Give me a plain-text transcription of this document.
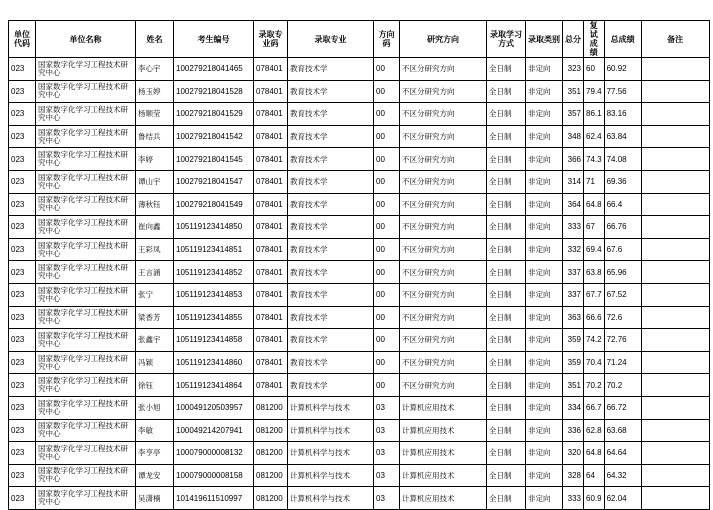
单位代码	单位名称	姓名	考生编号	录取专业码	录取专业	方向码	研究方向	录取学习方式	录取类别	总分	复试成绩	总成绩	备注
023	国家数字化学习工程技术研究中心	李心宇	100279218041465	078401	教育技术学	00	不区分研究方向	全日制	非定向	323	60	60.92	
023	国家数字化学习工程技术研究中心	杨玉婷	100279218041528	078401	教育技术学	00	不区分研究方向	全日制	非定向	351	79.4	77.56	
023	国家数字化学习工程技术研究中心	杨顺莹	100279218041529	078401	教育技术学	00	不区分研究方向	全日制	非定向	357	86.1	83.16	
023	国家数字化学习工程技术研究中心	鲁结兵	100279218041542	078401	教育技术学	00	不区分研究方向	全日制	非定向	348	62.4	63.84	
023	国家数字化学习工程技术研究中心	李婷	100279218041545	078401	教育技术学	00	不区分研究方向	全日制	非定向	366	74.3	74.08	
023	国家数字化学习工程技术研究中心	谭山宇	100279218041547	078401	教育技术学	00	不区分研究方向	全日制	非定向	314	71	69.36	
023	国家数字化学习工程技术研究中心	薄秋钰	100279218041549	078401	教育技术学	00	不区分研究方向	全日制	非定向	364	64.8	66.4	
023	国家数字化学习工程技术研究中心	崔向鑫	105119123414850	078401	教育技术学	00	不区分研究方向	全日制	非定向	333	67	66.76	
023	国家数字化学习工程技术研究中心	王彩凤	105119123414851	078401	教育技术学	00	不区分研究方向	全日制	非定向	332	69.4	67.6	
023	国家数字化学习工程技术研究中心	王言涵	105119123414852	078401	教育技术学	00	不区分研究方向	全日制	非定向	337	63.8	65.96	
023	国家数字化学习工程技术研究中心	张宁	105119123414853	078401	教育技术学	00	不区分研究方向	全日制	非定向	337	67.7	67.52	
023	国家数字化学习工程技术研究中心	梁香芳	105119123414855	078401	教育技术学	00	不区分研究方向	全日制	非定向	363	66.6	72.6	
023	国家数字化学习工程技术研究中心	张鑫宇	105119123414858	078401	教育技术学	00	不区分研究方向	全日制	非定向	359	74.2	72.76	
023	国家数字化学习工程技术研究中心	冯颖	105119123414860	078401	教育技术学	00	不区分研究方向	全日制	非定向	359	70.4	71.24	
023	国家数字化学习工程技术研究中心	徐钰	105119123414864	078401	教育技术学	00	不区分研究方向	全日制	非定向	351	70.2	70.2	
023	国家数字化学习工程技术研究中心	张小旭	100049120503957	081200	计算机科学与技术	03	计算机应用技术	全日制	非定向	334	66.7	66.72	
023	国家数字化学习工程技术研究中心	李敏	100049214207941	081200	计算机科学与技术	03	计算机应用技术	全日制	非定向	336	62.8	63.68	
023	国家数字化学习工程技术研究中心	李亨亭	100079000008132	081200	计算机科学与技术	03	计算机应用技术	全日制	非定向	320	64.8	64.64	
023	国家数字化学习工程技术研究中心	谭龙安	100079000008158	081200	计算机科学与技术	03	计算机应用技术	全日制	非定向	328	64	64.32	
023	国家数字化学习工程技术研究中心	吴潇楠	101419611510997	081200	计算机科学与技术	03	计算机应用技术	全日制	非定向	333	60.9	62.04	
